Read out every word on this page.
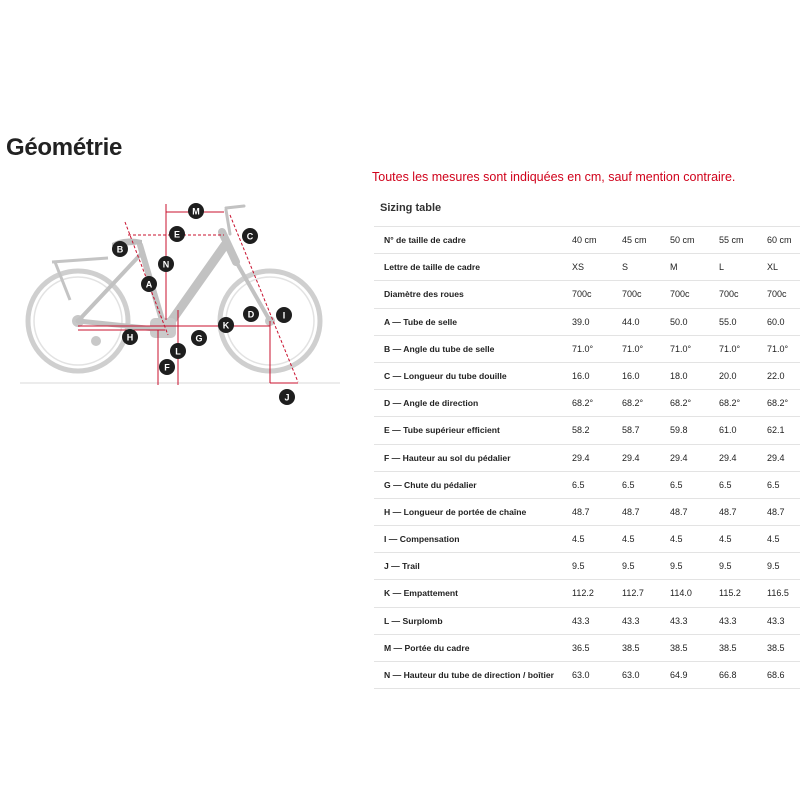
Géométrie
M
E	C
B
N
A
D	I
K
H	G
L
F
J
Toutes les mesures sont indiquées en cm, sauf mention contraire.
Sizing table
N° de taille de cadre	40 cm	45 cm	50 cm	55 cm	60 cm
Lettre de taille de cadre	XS	S	M	L	XL
Diamètre des roues	700c	700c	700c	700c	700c
A — Tube de selle	39.0	44.0	50.0	55.0	60.0
B — Angle du tube de selle	71.0°	71.0°	71.0°	71.0°	71.0°
C — Longueur du tube douille	16.0	16.0	18.0	20.0	22.0
D — Angle de direction	68.2°	68.2°	68.2°	68.2°	68.2°
E — Tube supérieur efficient	58.2	58.7	59.8	61.0	62.1
F — Hauteur au sol du pédalier	29.4	29.4	29.4	29.4	29.4
G — Chute du pédalier	6.5	6.5	6.5	6.5	6.5
H — Longueur de portée de chaîne	48.7	48.7	48.7	48.7	48.7
I — Compensation	4.5	4.5	4.5	4.5	4.5
J — Trail	9.5	9.5	9.5	9.5	9.5
K — Empattement	112.2	112.7	114.0	115.2	116.5
L — Surplomb	43.3	43.3	43.3	43.3	43.3
M — Portée du cadre	36.5	38.5	38.5	38.5	38.5
N — Hauteur du tube de direction / boîtier 63.0	63.0	64.9	66.8	68.6
